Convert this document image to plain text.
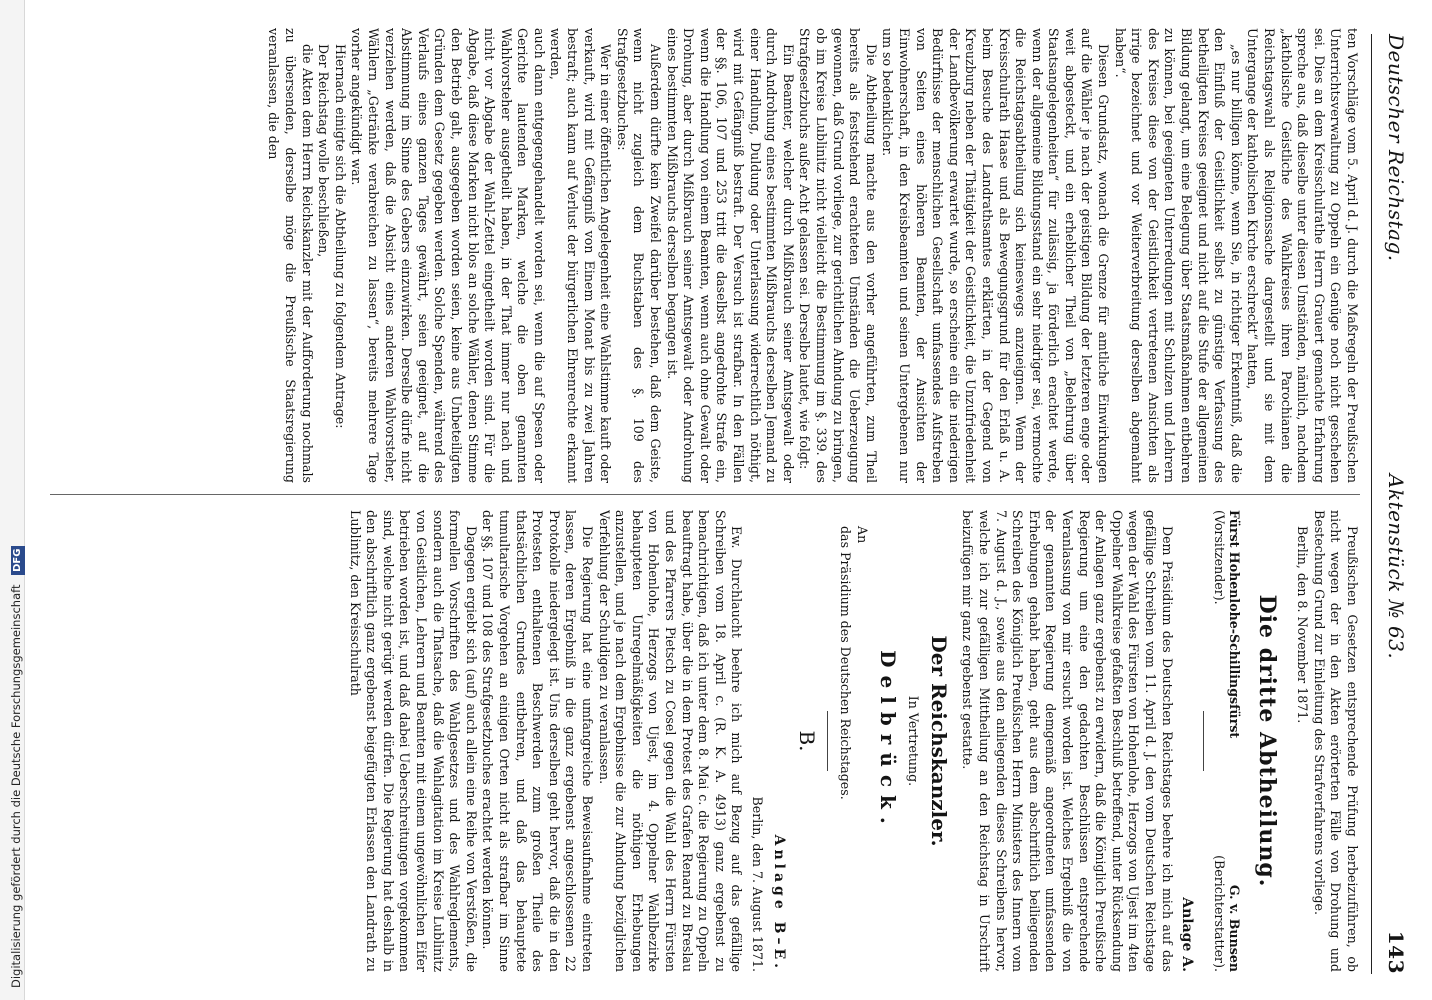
Digitalisierung gefördert durch die Deutsche Forschungsgemeinschaft DFG
Deutscher Reichstag.
Aktenstück № 63.
143

ten Vorschläge vom 5. April d. J. durch die Maßregeln der Preußischen Unterrichtsverwaltung zu Oppeln ein Genüge noch nicht geschehen sei. Dies an dem Kreisschulrathe Herrn Grauert gemachte Erfahrung spreche aus, daß dieselbe unter diesen Umständen, nämlich, nachdem „katholische Geistliche des Wahlkreises ihren Parochianen die Reichstagswahl als Religionssache dargestellt und sie mit dem Untergange der katholischen Kirche erschreckt“ hatten,

„es nur billigen könne, wenn Sie, in richtiger Erkenntniß, daß die den Einfluß der Geistlichkeit selbst zu günstige Verfassung des betheiligten Kreises geeignet und nicht auf die Stufe der allgemeinen Bildung gelangt, um eine Belegung über Staatsmaßnahmen entbehren zu können, bei geeigneten Unterredungen mit Schulzen und Lehrern des Kreises diese von der Geistlichkeit vertretenen Ansichten als irrige bezeichnet und vor Weiterverbreitung derselben abgemahnt haben“.

Diesen Grundsatz, wonach die Grenze für amtliche Einwirkungen auf die Wähler je nach der geistigen Bildung der letzteren enge oder weit abgesteckt, und ein erheblicher Theil von „Belehrung über Staatsangelegenheiten“ für zulässig, ja förderlich erachtet werde, wenn der allgemeine Bildungsstand ein sehr niedriger sei, vermochte die Reichstagsabtheilung sich keineswegs anzueignen. Wenn der Kreisschulrath Haase und als Bewegungsgrund für den Erlaß u. A. beim Besuche des Landrathsamtes erklärten, in der Gegend von Kreuzburg neben der Thätigkeit der Geistlichkeit, die Unzufriedenheit der Landbevölkerung erwartet wurde, so erscheine ein die niederigen Bedürfnisse der menschlichen Gesellschaft umfassendes Aufstreben von Seiten eines höheren Beamten, der Ansichten der Einwohnerschaft, in den Kreisbeamten und seinen Untergebenen nur um so bedenklicher.

Die Abtheilung machte aus den vorher angeführten, zum Theil bereits als feststehend erachteten Umständen die Ueberzeugung gewonnen, daß Grund vorliege, zur gerichtlichen Ahndung zu bringen, ob im Kreise Lublinitz nicht vielleicht die Bestimmung im §. 339. des Strafgesetzbuchs außer Acht gelassen sei. Derselbe lautet, wie folgt:

Ein Beamter, welcher durch Mißbrauch seiner Amtsgewalt oder durch Androhung eines bestimmten Mißbrauchs derselben Jemand zu einer Handlung, Duldung oder Unterlassung widerrechtlich nöthigt, wird mit Gefängniß bestraft. Der Versuch ist strafbar. In den Fällen der §§. 106, 107 und 253 tritt die daselbst angedrohte Strafe ein, wenn die Handlung von einem Beamten, wenn auch ohne Gewalt oder Drohung, aber durch Mißbrauch seiner Amtsgewalt oder Androhung eines bestimmten Mißbrauchs derselben begangen ist.

Außerdem dürfte kein Zweifel darüber bestehen, daß dem Geiste, wenn nicht zugleich dem Buchstaben des §. 109 des Strafgesetzbuches:

Wer in einer öffentlichen Angelegenheit eine Wahlstimme kauft oder verkauft, wird mit Gefängniß von Einem Monat bis zu zwei Jahren bestraft; auch kann auf Verlust der bürgerlichen Ehrenrechte erkannt werden,

auch dann entgegengehandelt worden sei, wenn die auf Spesen oder Gerichte lautenden Marken, welche die oben genannten Wahlvorsteher ausgetheilt haben, in der That immer nur nach und nicht vor Abgabe der Wahl-Zettel eingetheilt worden sind. Für die Abgabe, daß diese Marken nicht blos an solche Wähler, denen Stimme den Betrieb galt, ausgegeben worden seien, keine aus Unbeteiligten Gründen dem Gesetz gegeben werden. Solche Spenden, während des Verlaufs eines ganzen Tages gewährt, seien geeignet, auf die Abstimmung im Sinne des Gebers einzuwirken. Derselbe dürfe nicht verziehen werden, daß die Absicht eines anderen Wahlvorsteher, Wählern „Getränke verabreichen zu lassen“, bereits mehrere Tage vorher angekündigt war.

Hiernach einigte sich die Abtheilung zu folgendem Antrage:

Der Reichstag wolle beschließen,

die Akten dem Herrn Reichskanzler mit der Aufforderung nochmals zu übersenden, derselbe möge die Preußische Staatsregierung veranlassen, die den

Preußischen Gesetzen entsprechende Prüfung herbeizuführen, ob nicht wegen der in den Akten erörterten Fälle von Drohung und Bestechung Grund zur Einleitung des Strafverfahrens vorliege.

Berlin, den 8. November 1871.

Die dritte Abtheilung.
Fürst Hohenlohe-Schillingsfürst
(Vorsitzender).
G. v. Bunsen
(Berichterstatter).
Anlage A.

Dem Präsidium des Deutschen Reichstages beehre ich mich auf das gefällige Schreiben vom 11. April d. J. den vom Deutschen Reichstage wegen der Wahl des Fürsten von Hohenlohe, Herzogs von Ujest im 4ten Oppelner Wahlkreise gefaßten Beschluß betreffend, unter Rücksendung der Anlagen ganz ergebenst zu erwidern, daß die Königlich Preußische Regierung um eine den gedachten Beschlüssen entsprechende Veranlassung von mir ersucht worden ist. Welches Ergebniß die von der genannten Regierung demgemäß angeordneten umfassenden Erhebungen gehabt haben, geht aus dem abschriftlich beiliegenden Schreiben des Königlich Preußischen Herrn Ministers des Innern vom 7. August d. J., sowie aus den anliegenden dieses Schreibens hervor, welche ich zur gefälligen Mittheilung an den Reichstag in Urschrift beizufügen mir ganz ergebenst gestatte.

Der Reichskanzler.
In Vertretung.
Delbrück.
An
das Präsidium des Deutschen Reichstages.
B.
Anlage B–E.
Berlin, den 7. August 1871.

Ew. Durchlaucht beehre ich mich auf Bezug auf das gefällige Schreiben vom 18. April c. (R. K. A. 4913) ganz ergebenst zu benachrichtigen, daß ich unter dem 8. Mai c. die Regierung zu Oppeln beauftragt habe, über die in dem Protest des Grafen Renard zu Breslau und des Pfarrers Pietsch zu Cosel gegen die Wahl des Herrn Fürsten von Hohenlohe, Herzogs von Ujest, im 4. Oppelner Wahlbezirke behaupteten Unregelmäßigkeiten die nöthigen Erhebungen anzustellen, und je nach dem Ergebnisse die zur Ahndung bezüglichen Verfehlung der Schuldigen zu veranlassen.

Die Regierung hat eine umfangreiche Beweisaufnahme eintreten lassen, deren Ergebniß in die ganz ergebenst angeschlossenen 22 Protokolle niedergelegt ist. Uns derselben geht hervor, daß die in den Protesten enthaltenen Beschwerden zum großen Theile des thatsächlichen Grundes entbehren, und daß das behauptete tumultarische Vorgehen an einigen Orten nicht als strafbar im Sinne der §§. 107 und 108 des Strafgesetzbuches erachtet werden können.

Dagegen ergiebt sich (auf) auch allein eine Reihe von Verstößen, die formellen Vorschriften des Wahlgesetzes und des Wahlreglements, sondern auch die Thatsache, daß die Wahlagitation im Kreise Lublinitz von Geistlichen, Lehrern und Beamten mit einem ungewöhnlichen Eifer betrieben worden ist, und daß dabei Ueberschreitungen vorgekommen sind, welche nicht gerügt werden dürfen. Die Regierung hat deshalb in den abschriftlich ganz ergebenst beigefügten Erlassen den Landrath zu Lublinitz, den Kreisschulrath
